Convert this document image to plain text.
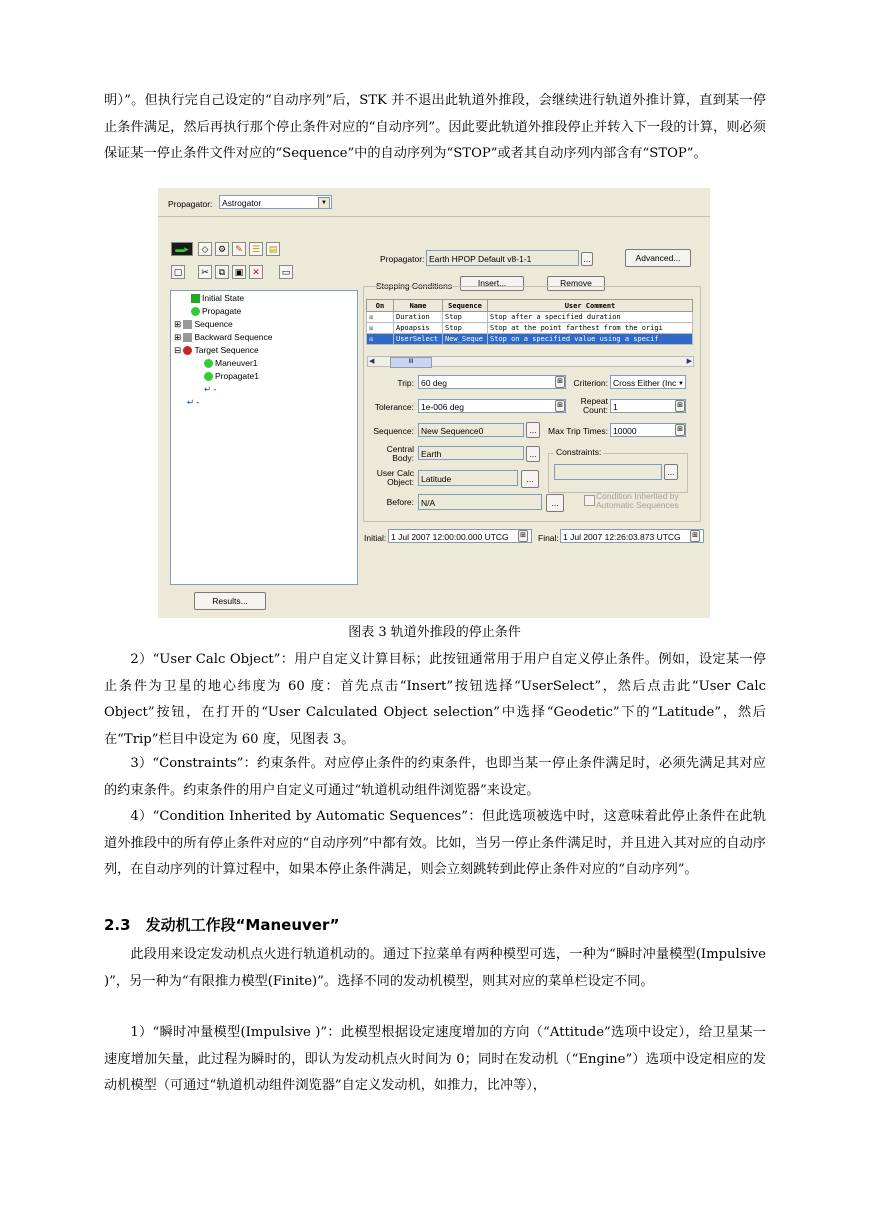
明）”。但执行完自己设定的“自动序列”后，STK 并不退出此轨道外推段，会继续进行轨道外推计算，直到某一停止条件满足，然后再执行那个停止条件对应的“自动序列”。因此要此轨道外推段停止并转入下一段的计算，则必须保证某一停止条件文件对应的“Sequence”中的自动序列为“STOP”或者其自动序列内部含有“STOP”。
Propagator:	Astrogator	▼
▬▸	◇	⚙	✎	☰ ▤
▢	✂	⧉	▣ ✕	▭
Initial State
Propagate
⊞ Sequence
⊞ Backward Sequence
⊟ Target Sequence
Maneuver1
Propagate1
↵ -
↵ -
Results...
Propagator: Earth HPOP Default v8-1-1	...	Advanced...
Stopping Conditions	Insert...	Remove
On	Name	Sequence	User Comment
☒	Duration	Stop	Stop after a specified duration
☒	Apoapsis	Stop	Stop at the point farthest from the origi
☒	UserSelect	New_Seque	Stop on a specified value using a specif
◀	III	▶
Trip: 60 deg	⊞	Criterion: Cross Either (Inc ▼
Tolerance: 1e-006 deg	⊞	Repeat Count: 1	⊞
Sequence: New Sequence0	...	Max Trip Times: 10000	⊞
Central Body: Earth	...	Constraints:
...
User Calc Object: Latitude	...
Before: N/A	...
Condition Inherited by Automatic Sequences
Initial: 1 Jul 2007 12:00:00.000 UTCG	⊞ Final: 1 Jul 2007 12:26:03.873 UTCG	⊞
图表 3 轨道外推段的停止条件
2）“User Calc Object”：用户自定义计算目标；此按钮通常用于用户自定义停止条件。例如，设定某一停止条件为卫星的地心纬度为 60 度：首先点击“Insert”按钮选择“UserSelect”，然后点击此“User Calc Object”按钮，在打开的“User Calculated Object selection”中选择“Geodetic”下的“Latitude”，然后在“Trip”栏目中设定为 60 度，见图表 3。
3）“Constraints”：约束条件。对应停止条件的约束条件，也即当某一停止条件满足时，必须先满足其对应的约束条件。约束条件的用户自定义可通过“轨道机动组件浏览器”来设定。
4）“Condition Inherited by Automatic Sequences”：但此选项被选中时，这意味着此停止条件在此轨道外推段中的所有停止条件对应的“自动序列”中都有效。比如，当另一停止条件满足时，并且进入其对应的自动序列，在自动序列的计算过程中，如果本停止条件满足，则会立刻跳转到此停止条件对应的“自动序列”。
2.3　发动机工作段“Maneuver”
此段用来设定发动机点火进行轨道机动的。通过下拉菜单有两种模型可选，一种为“瞬时冲量模型(Impulsive )”，另一种为“有限推力模型(Finite)”。选择不同的发动机模型，则其对应的菜单栏设定不同。
1）“瞬时冲量模型(Impulsive )”：此模型根据设定速度增加的方向（“Attitude”选项中设定），给卫星某一速度增加矢量，此过程为瞬时的，即认为发动机点火时间为 0；同时在发动机（“Engine”）选项中设定相应的发动机模型（可通过“轨道机动组件浏览器”自定义发动机，如推力，比冲等），
